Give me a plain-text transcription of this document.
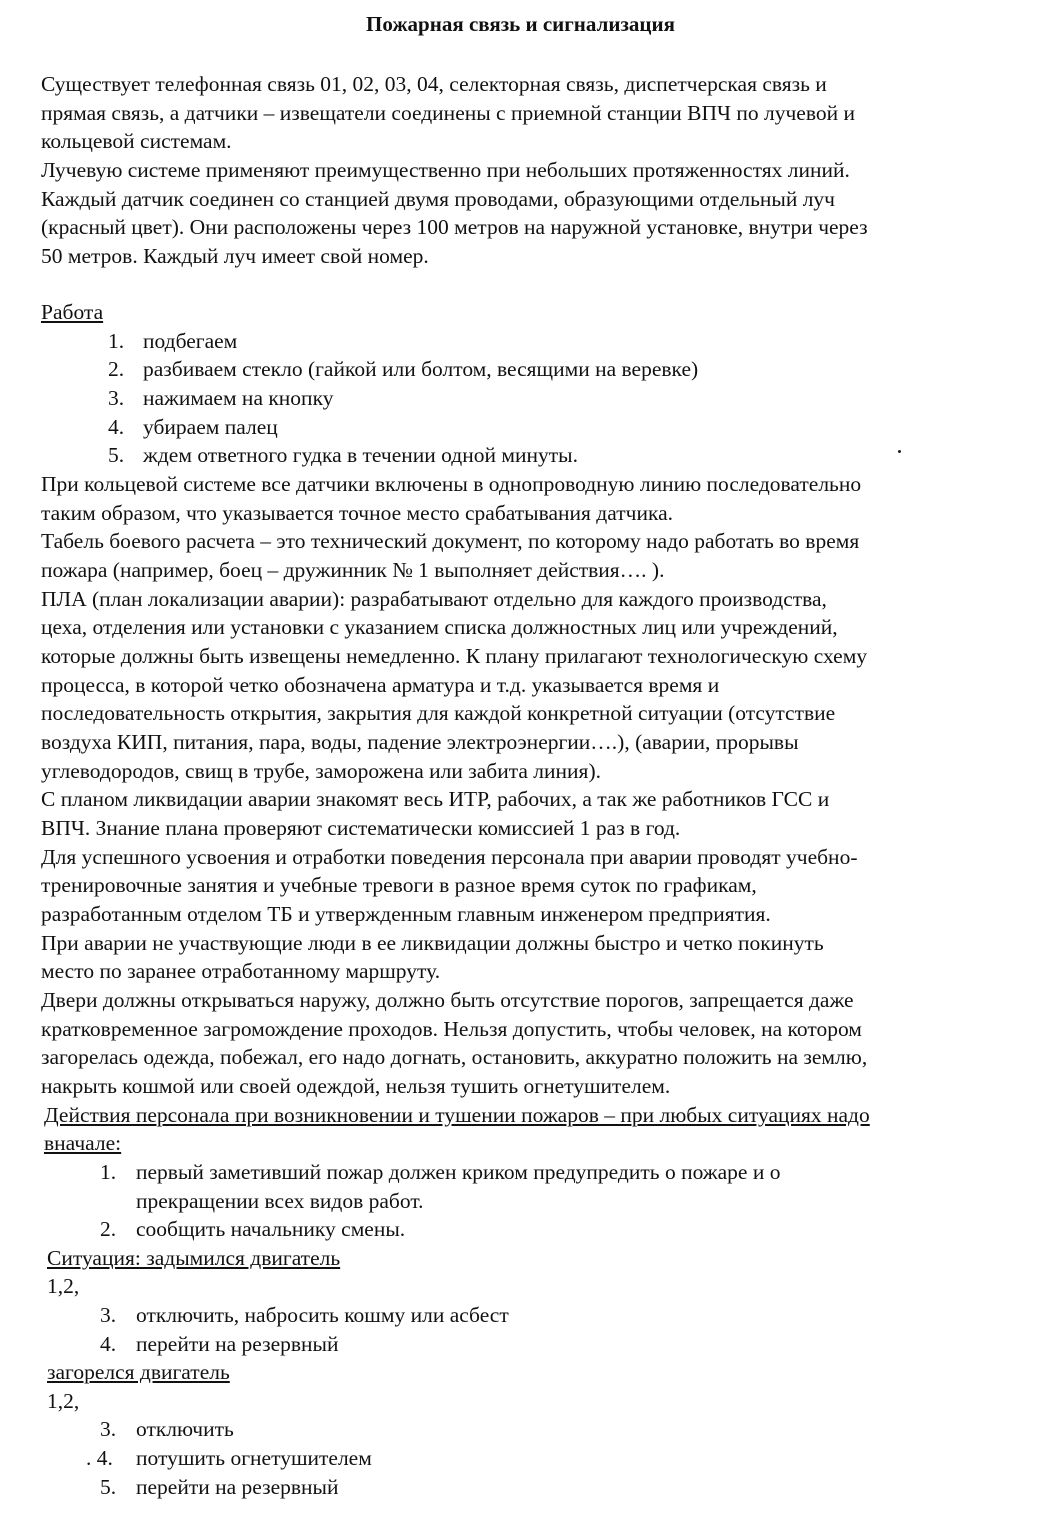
Пожарная связь и сигнализация
Существует телефонная связь 01, 02, 03, 04, селекторная связь, диспетчерская связь и
прямая связь, а датчики – извещатели соединены с приемной станции ВПЧ по лучевой и
кольцевой системам.
Лучевую системе применяют преимущественно при небольших протяженностях линий.
Каждый датчик соединен со станцией двумя проводами, образующими отдельный луч
(красный цвет). Они расположены через 100 метров на наружной установке, внутри через
50 метров. Каждый луч имеет свой номер.
Работа
1. подбегаем
2. разбиваем стекло (гайкой или болтом, весящими на веревке)
3. нажимаем на кнопку
4. убираем палец
5. ждем ответного гудка в течении одной минуты.
При кольцевой системе все датчики включены в однопроводную линию последовательно
таким образом, что указывается точное место срабатывания датчика.
Табель боевого расчета – это технический документ, по которому надо работать во время
пожара (например, боец – дружинник № 1 выполняет действия…. ).
ПЛА (план локализации аварии): разрабатывают отдельно для каждого производства,
цеха, отделения или установки с указанием списка должностных лиц или учреждений,
которые должны быть извещены немедленно. К плану прилагают технологическую схему
процесса, в которой четко обозначена арматура и т.д. указывается время и
последовательность открытия, закрытия для каждой конкретной ситуации (отсутствие
воздуха КИП, питания, пара, воды, падение электроэнергии….), (аварии, прорывы
углеводородов, свищ в трубе, заморожена или забита линия).
С планом ликвидации аварии знакомят весь ИТР, рабочих, а так же работников ГСС и
ВПЧ. Знание плана проверяют систематически комиссией 1 раз в год.
Для успешного усвоения и отработки поведения персонала при аварии проводят учебно-
тренировочные занятия и учебные тревоги в разное время суток по графикам,
разработанным отделом ТБ и утвержденным главным инженером предприятия.
При аварии не участвующие люди в ее ликвидации должны быстро и четко покинуть
место по заранее отработанному маршруту.
Двери должны открываться наружу, должно быть отсутствие порогов, запрещается даже
кратковременное загромождение проходов. Нельзя допустить, чтобы человек, на котором
загорелась одежда, побежал, его надо догнать, остановить, аккуратно положить на землю,
накрыть кошмой или своей одеждой, нельзя тушить огнетушителем.
Действия персонала при возникновении и тушении пожаров – при любых ситуациях надо
вначале:
1. первый заметивший пожар должен криком предупредить о пожаре и о
прекращении всех видов работ.
2. сообщить начальнику смены.
Ситуация: задымился двигатель
1,2,
3. отключить, набросить кошму или асбест
4. перейти на резервный
загорелся двигатель
1,2,
3. отключить
. 4. потушить огнетушителем
5. перейти на резервный
